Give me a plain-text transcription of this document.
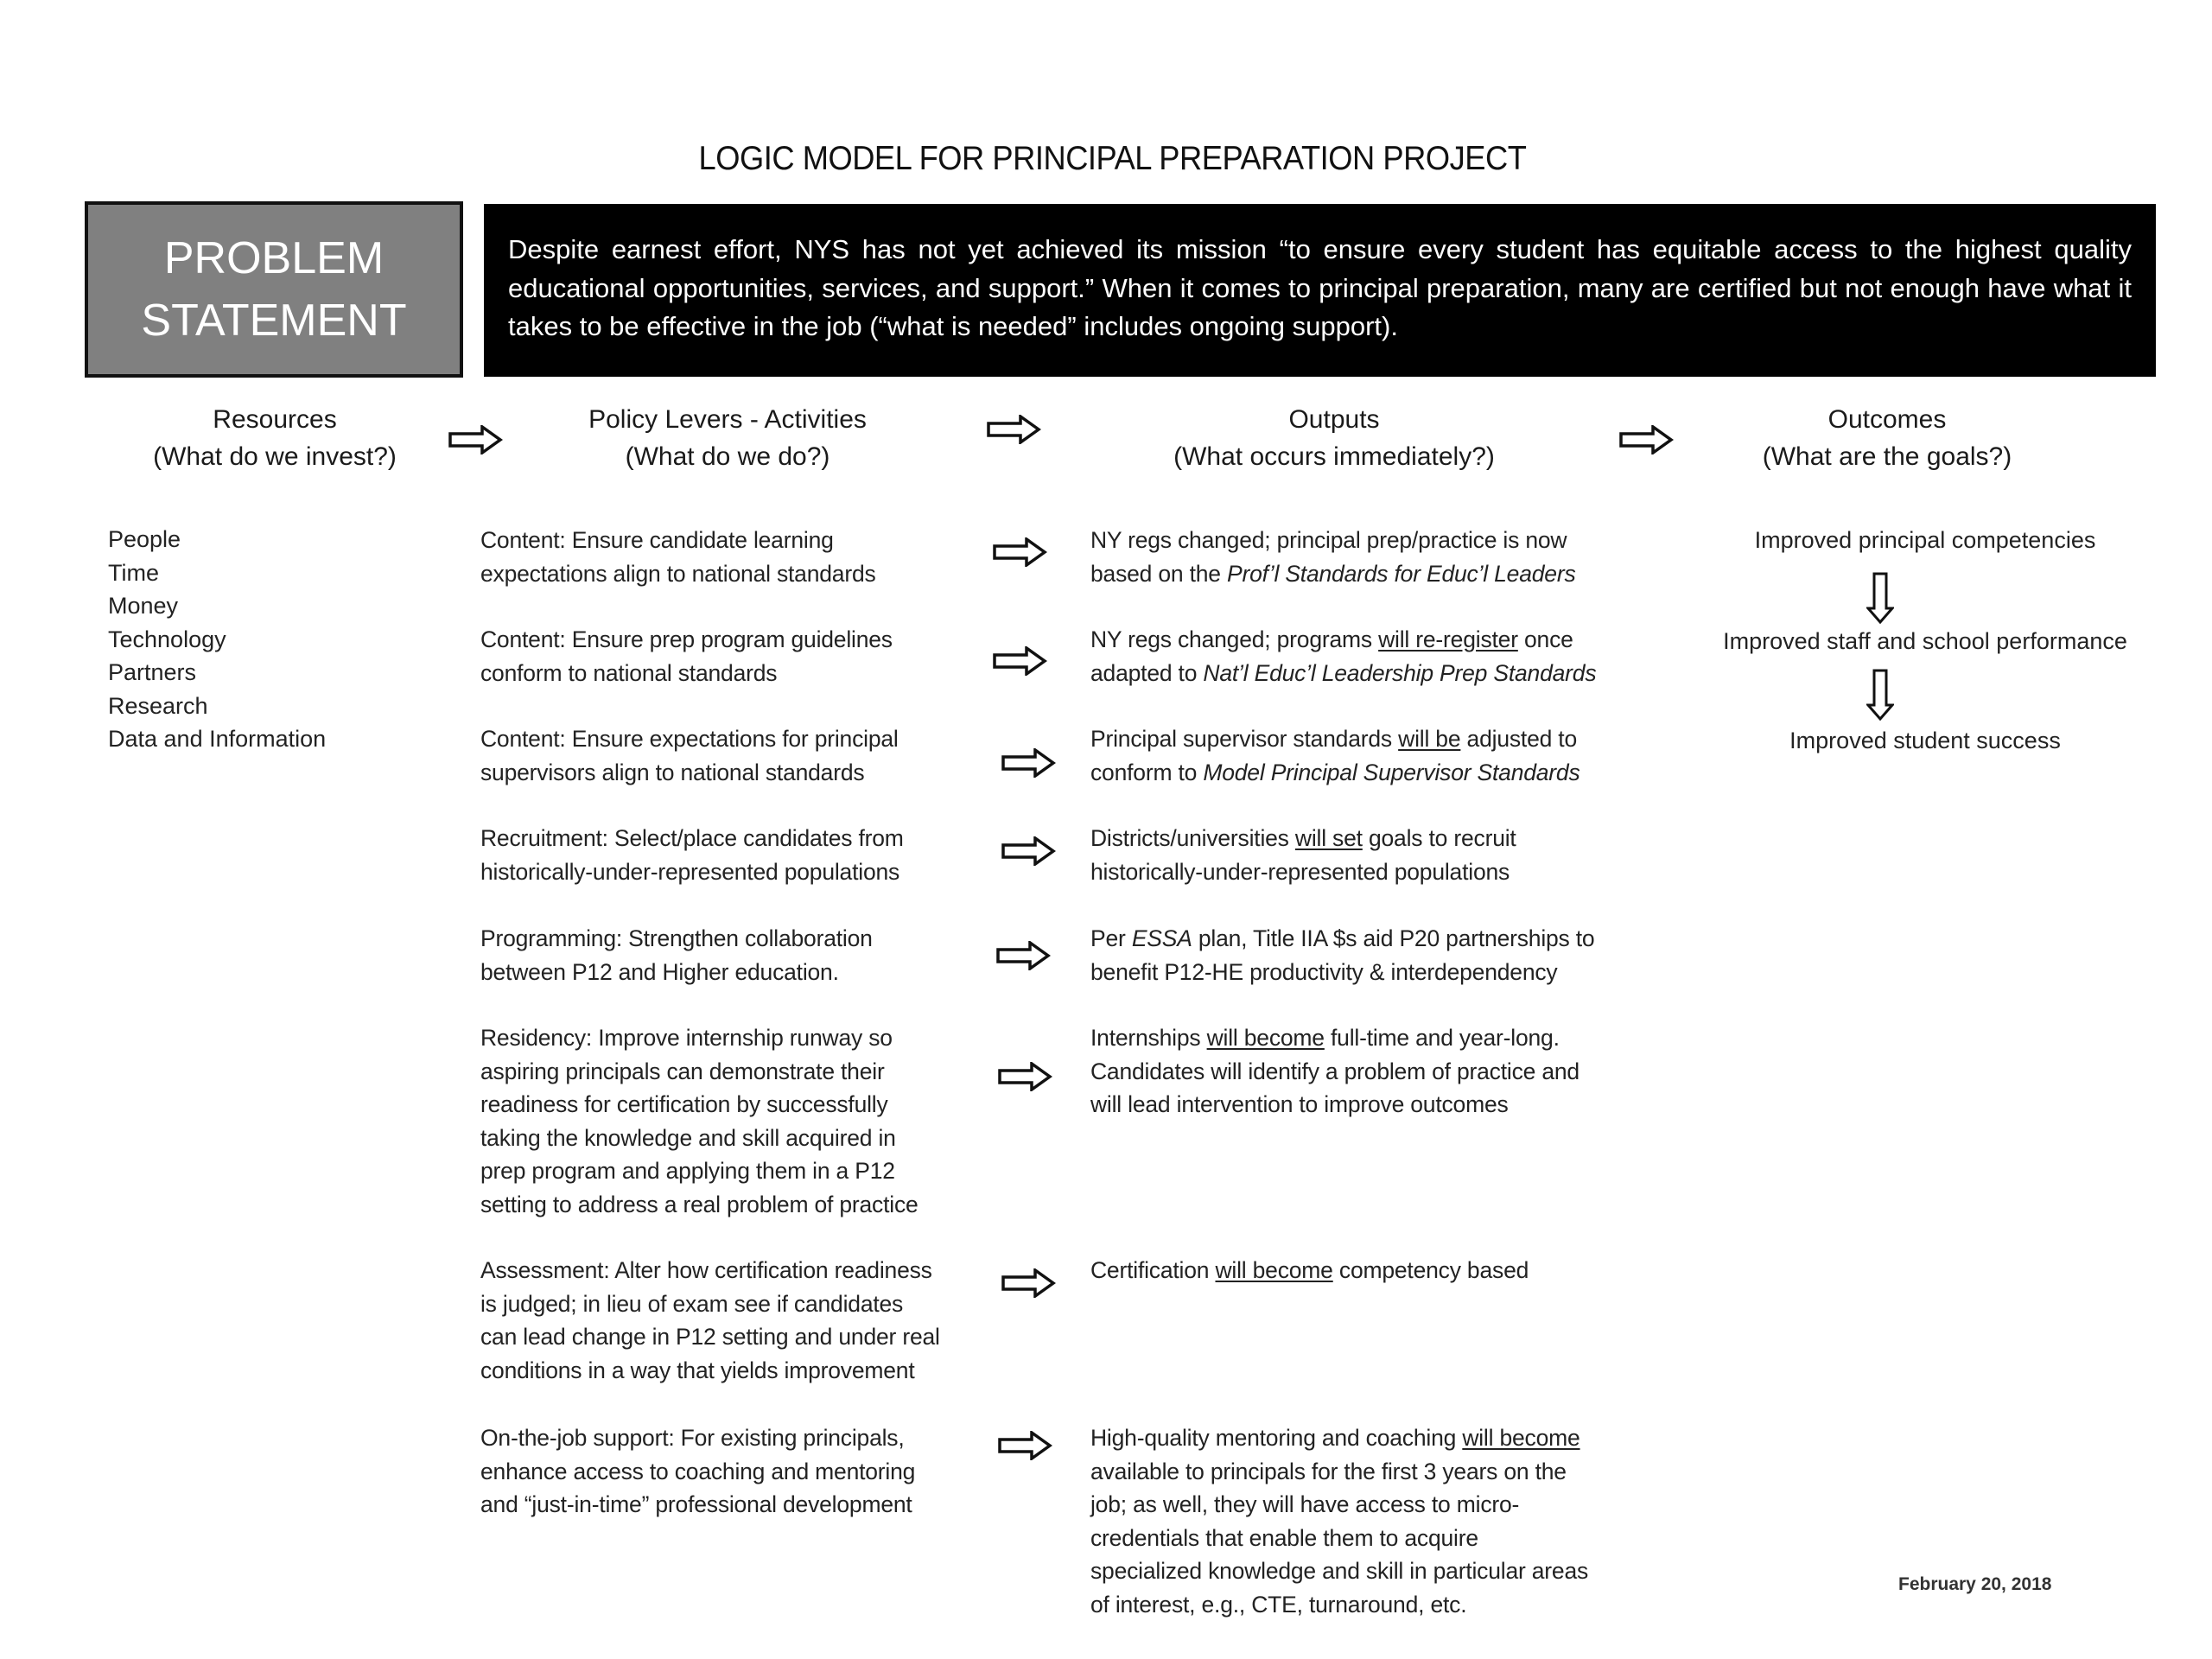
LOGIC MODEL FOR PRINCIPAL PREPARATION PROJECT
PROBLEM
STATEMENT
Despite earnest effort, NYS has not yet achieved its mission “to ensure every student has equitable access to the highest quality educational opportunities, services, and support.” When it comes to principal preparation, many are certified but not enough have what it takes to be effective in the job (“what is needed” includes ongoing support).
Resources
(What do we invest?)
Policy Levers - Activities
(What do we do?)
Outputs
(What occurs immediately?)
Outcomes
(What are the goals?)
People
Time
Money
Technology
Partners
Research
Data and Information
Content: Ensure candidate learning
expectations align to national standards
NY regs changed; principal prep/practice is now
based on the Prof’l Standards for Educ’l Leaders
Content: Ensure prep program guidelines
conform to national standards
NY regs changed; programs will re-register once
adapted to Nat’l Educ’l Leadership Prep Standards
Content: Ensure expectations for principal
supervisors align to national standards
Principal supervisor standards will be adjusted to
conform to Model Principal Supervisor Standards
Recruitment: Select/place candidates from
historically-under-represented populations
Districts/universities will set goals to recruit
historically-under-represented populations
Programming: Strengthen collaboration
between P12 and Higher education.
Per ESSA plan, Title IIA $s aid P20 partnerships to
benefit P12-HE productivity & interdependency
Residency: Improve internship runway so
aspiring principals can demonstrate their
readiness for certification by successfully
taking the knowledge and skill acquired in
prep program and applying them in a P12
setting to address a real problem of practice
Internships will become full-time and year-long.
Candidates will identify a problem of practice and
will lead intervention to improve outcomes
Assessment: Alter how certification readiness
is judged; in lieu of exam see if candidates
can lead change in P12 setting and under real
conditions in a way that yields improvement
Certification will become competency based
On-the-job support: For existing principals,
enhance access to coaching and mentoring
and “just-in-time” professional development
High-quality mentoring and coaching will become
available to principals for the first 3 years on the
job; as well, they will have access to micro-
credentials that enable them to acquire
specialized knowledge and skill in particular areas
of interest, e.g., CTE, turnaround, etc.
Improved principal competencies
Improved staff and school performance
Improved student success
February 20, 2018
